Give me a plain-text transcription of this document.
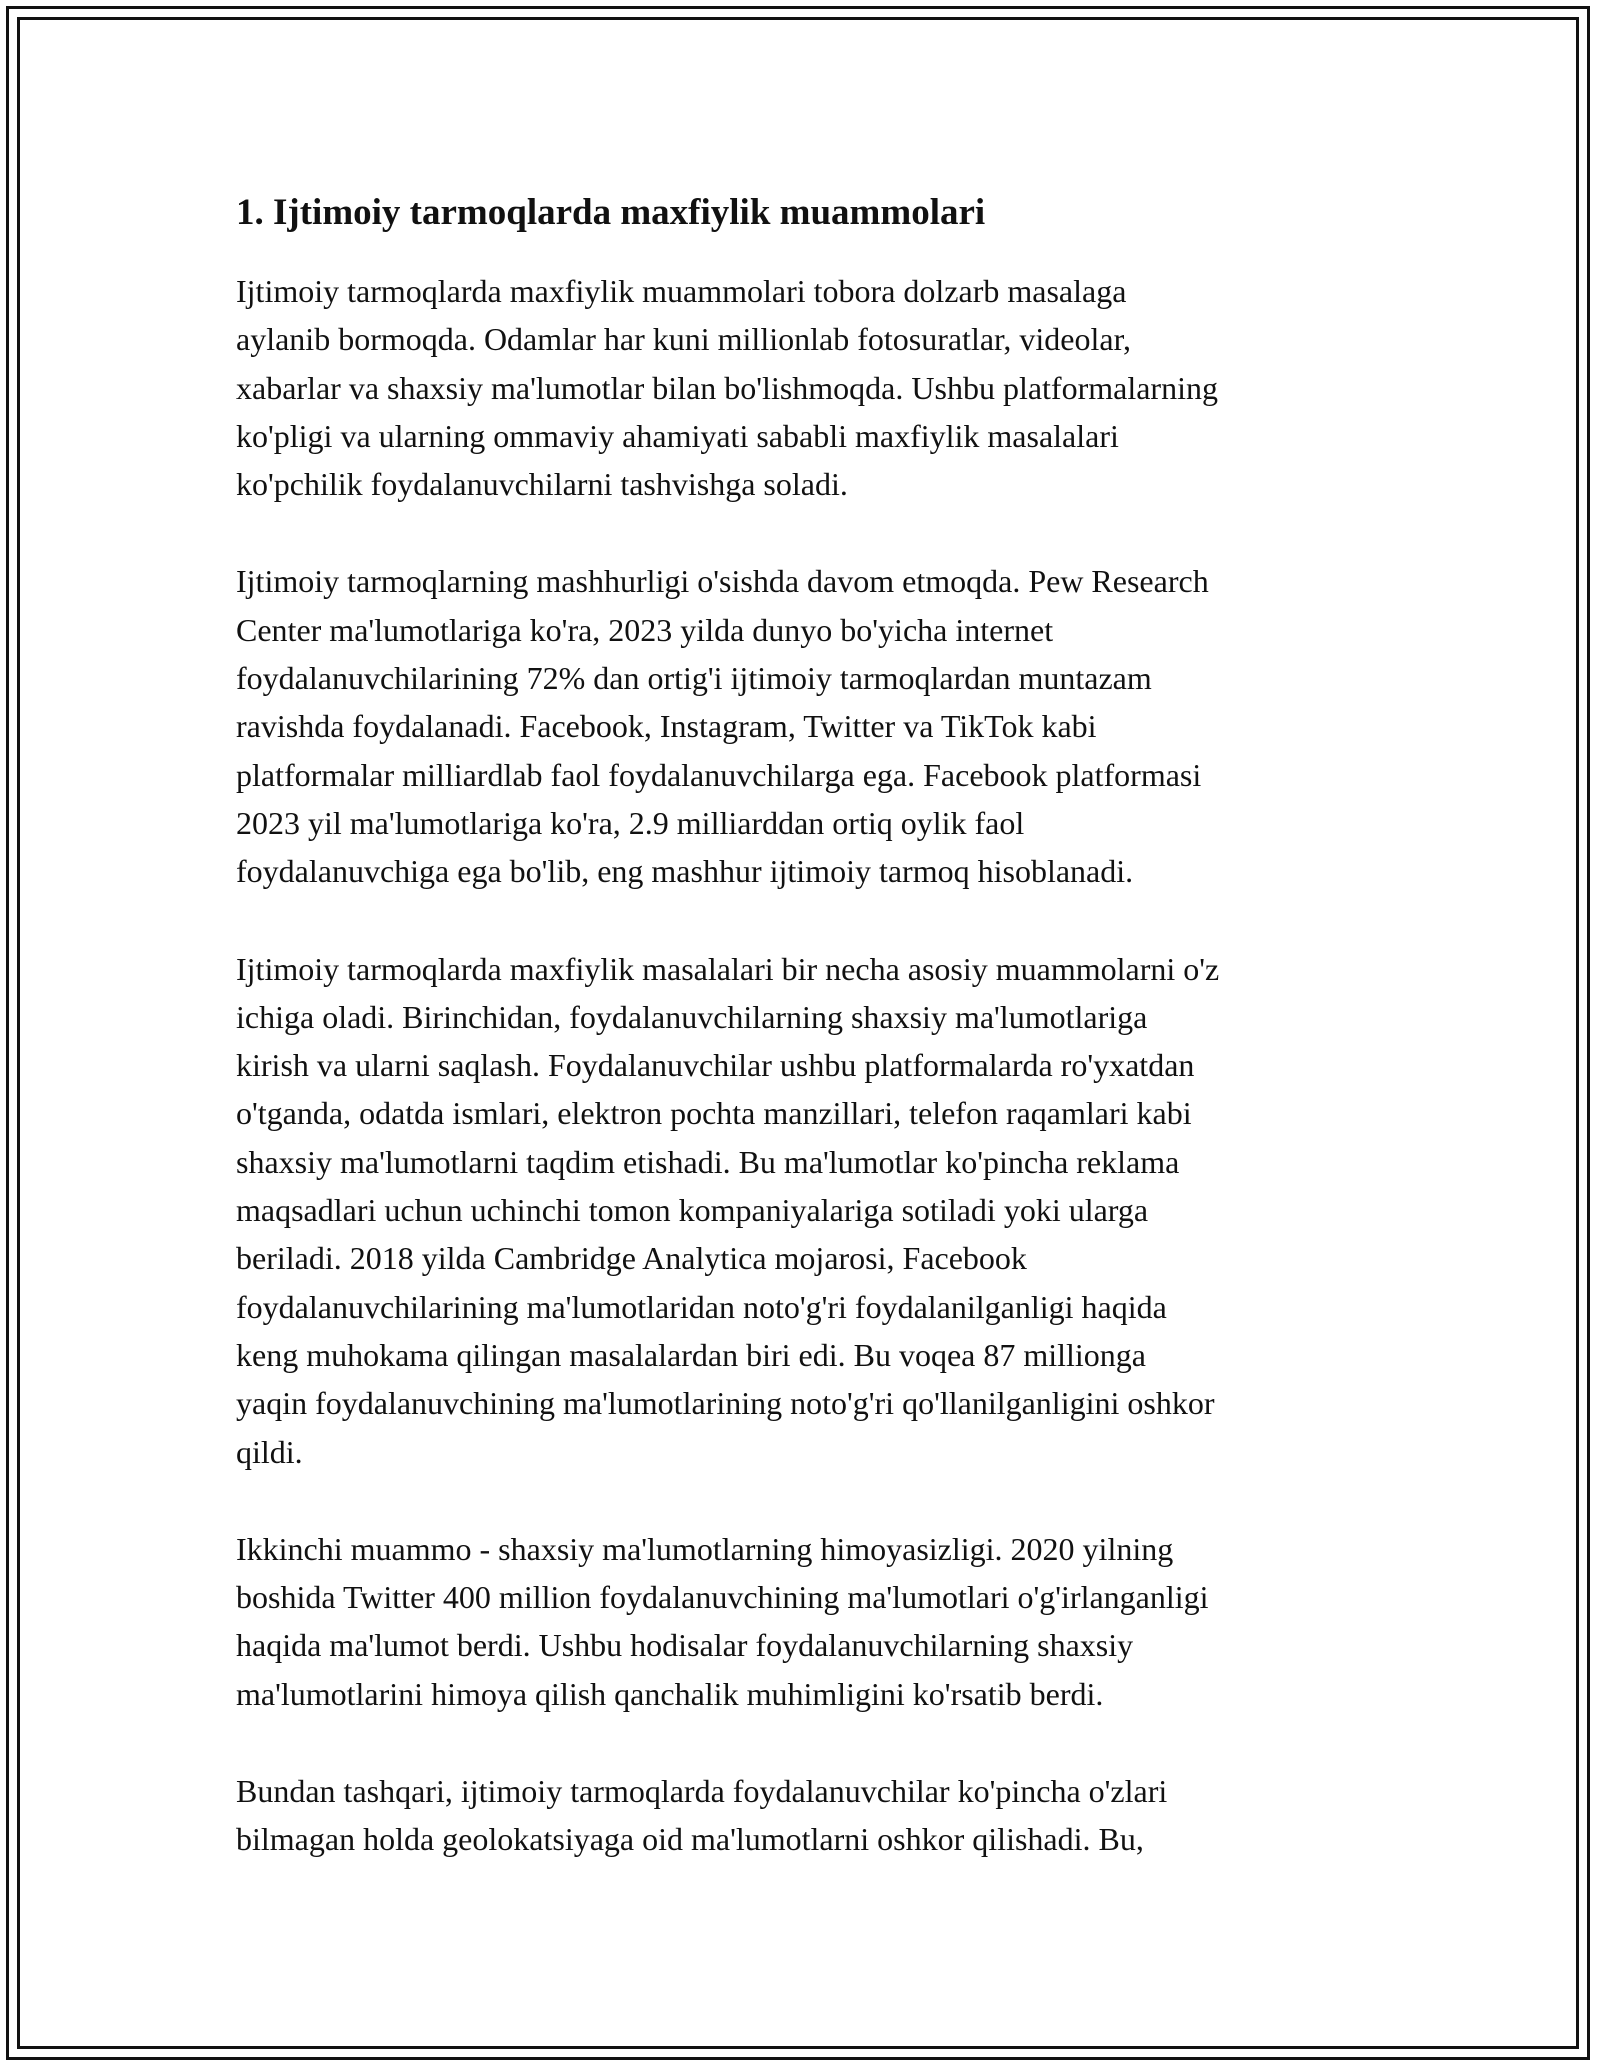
1. Ijtimoiy tarmoqlarda maxfiylik muammolari
Ijtimoiy tarmoqlarda maxfiylik muammolari tobora dolzarb masalaga
aylanib bormoqda. Odamlar har kuni millionlab fotosuratlar, videolar,
xabarlar va shaxsiy ma'lumotlar bilan bo'lishmoqda. Ushbu platformalarning
ko'pligi va ularning ommaviy ahamiyati sababli maxfiylik masalalari
ko'pchilik foydalanuvchilarni tashvishga soladi.
Ijtimoiy tarmoqlarning mashhurligi o'sishda davom etmoqda. Pew Research
Center ma'lumotlariga ko'ra, 2023 yilda dunyo bo'yicha internet
foydalanuvchilarining 72% dan ortig'i ijtimoiy tarmoqlardan muntazam
ravishda foydalanadi. Facebook, Instagram, Twitter va TikTok kabi
platformalar milliardlab faol foydalanuvchilarga ega. Facebook platformasi
2023 yil ma'lumotlariga ko'ra, 2.9 milliarddan ortiq oylik faol
foydalanuvchiga ega bo'lib, eng mashhur ijtimoiy tarmoq hisoblanadi.
Ijtimoiy tarmoqlarda maxfiylik masalalari bir necha asosiy muammolarni o'z
ichiga oladi. Birinchidan, foydalanuvchilarning shaxsiy ma'lumotlariga
kirish va ularni saqlash. Foydalanuvchilar ushbu platformalarda ro'yxatdan
o'tganda, odatda ismlari, elektron pochta manzillari, telefon raqamlari kabi
shaxsiy ma'lumotlarni taqdim etishadi. Bu ma'lumotlar ko'pincha reklama
maqsadlari uchun uchinchi tomon kompaniyalariga sotiladi yoki ularga
beriladi. 2018 yilda Cambridge Analytica mojarosi, Facebook
foydalanuvchilarining ma'lumotlaridan noto'g'ri foydalanilganligi haqida
keng muhokama qilingan masalalardan biri edi. Bu voqea 87 millionga
yaqin foydalanuvchining ma'lumotlarining noto'g'ri qo'llanilganligini oshkor
qildi.
Ikkinchi muammo - shaxsiy ma'lumotlarning himoyasizligi. 2020 yilning
boshida Twitter 400 million foydalanuvchining ma'lumotlari o'g'irlanganligi
haqida ma'lumot berdi. Ushbu hodisalar foydalanuvchilarning shaxsiy
ma'lumotlarini himoya qilish qanchalik muhimligini ko'rsatib berdi.
Bundan tashqari, ijtimoiy tarmoqlarda foydalanuvchilar ko'pincha o'zlari
bilmagan holda geolokatsiyaga oid ma'lumotlarni oshkor qilishadi. Bu,
